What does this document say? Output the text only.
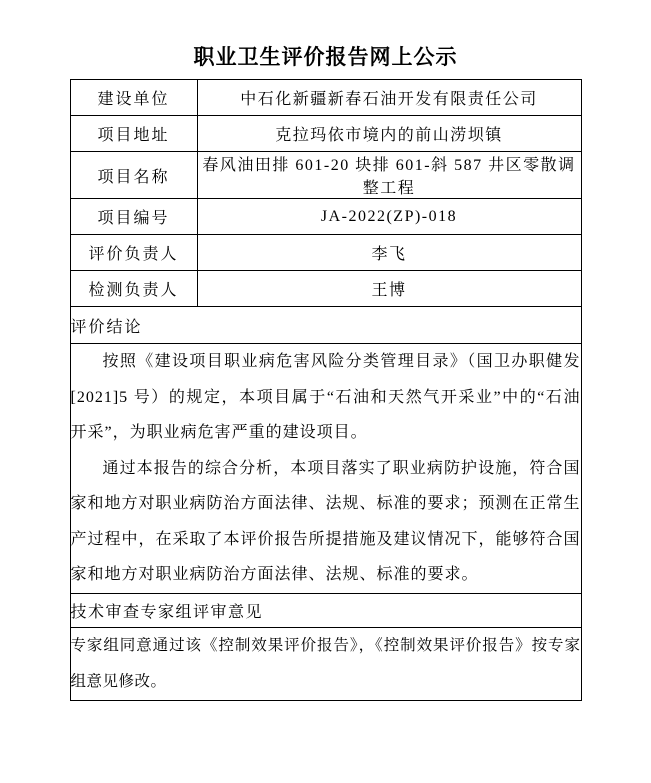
职业卫生评价报告网上公示
建设单位	中石化新疆新春石油开发有限责任公司
项目地址	克拉玛依市境内的前山涝坝镇
项目名称	春风油田排 601-20 块排 601-斜 587 井区零散调整工程
项目编号	JA-2022(ZP)-018
评价负责人	李飞
检测负责人	王博
评价结论	

按照《建设项目职业病危害风险分类管理目录》（国卫办职健发[2021]5 号）的规定，本项目属于“石油和天然气开采业”中的“石油开采”，为职业病危害严重的建设项目。

通过本报告的综合分析，本项目落实了职业病防护设施，符合国家和地方对职业病防治方面法律、法规、标准的要求；预测在正常生产过程中，在采取了本评价报告所提措施及建议情况下，能够符合国家和地方对职业病防治方面法律、法规、标准的要求。	

技术审查专家组评审意见	

专家组同意通过该《控制效果评价报告》，《控制效果评价报告》按专家组意见修改。	
